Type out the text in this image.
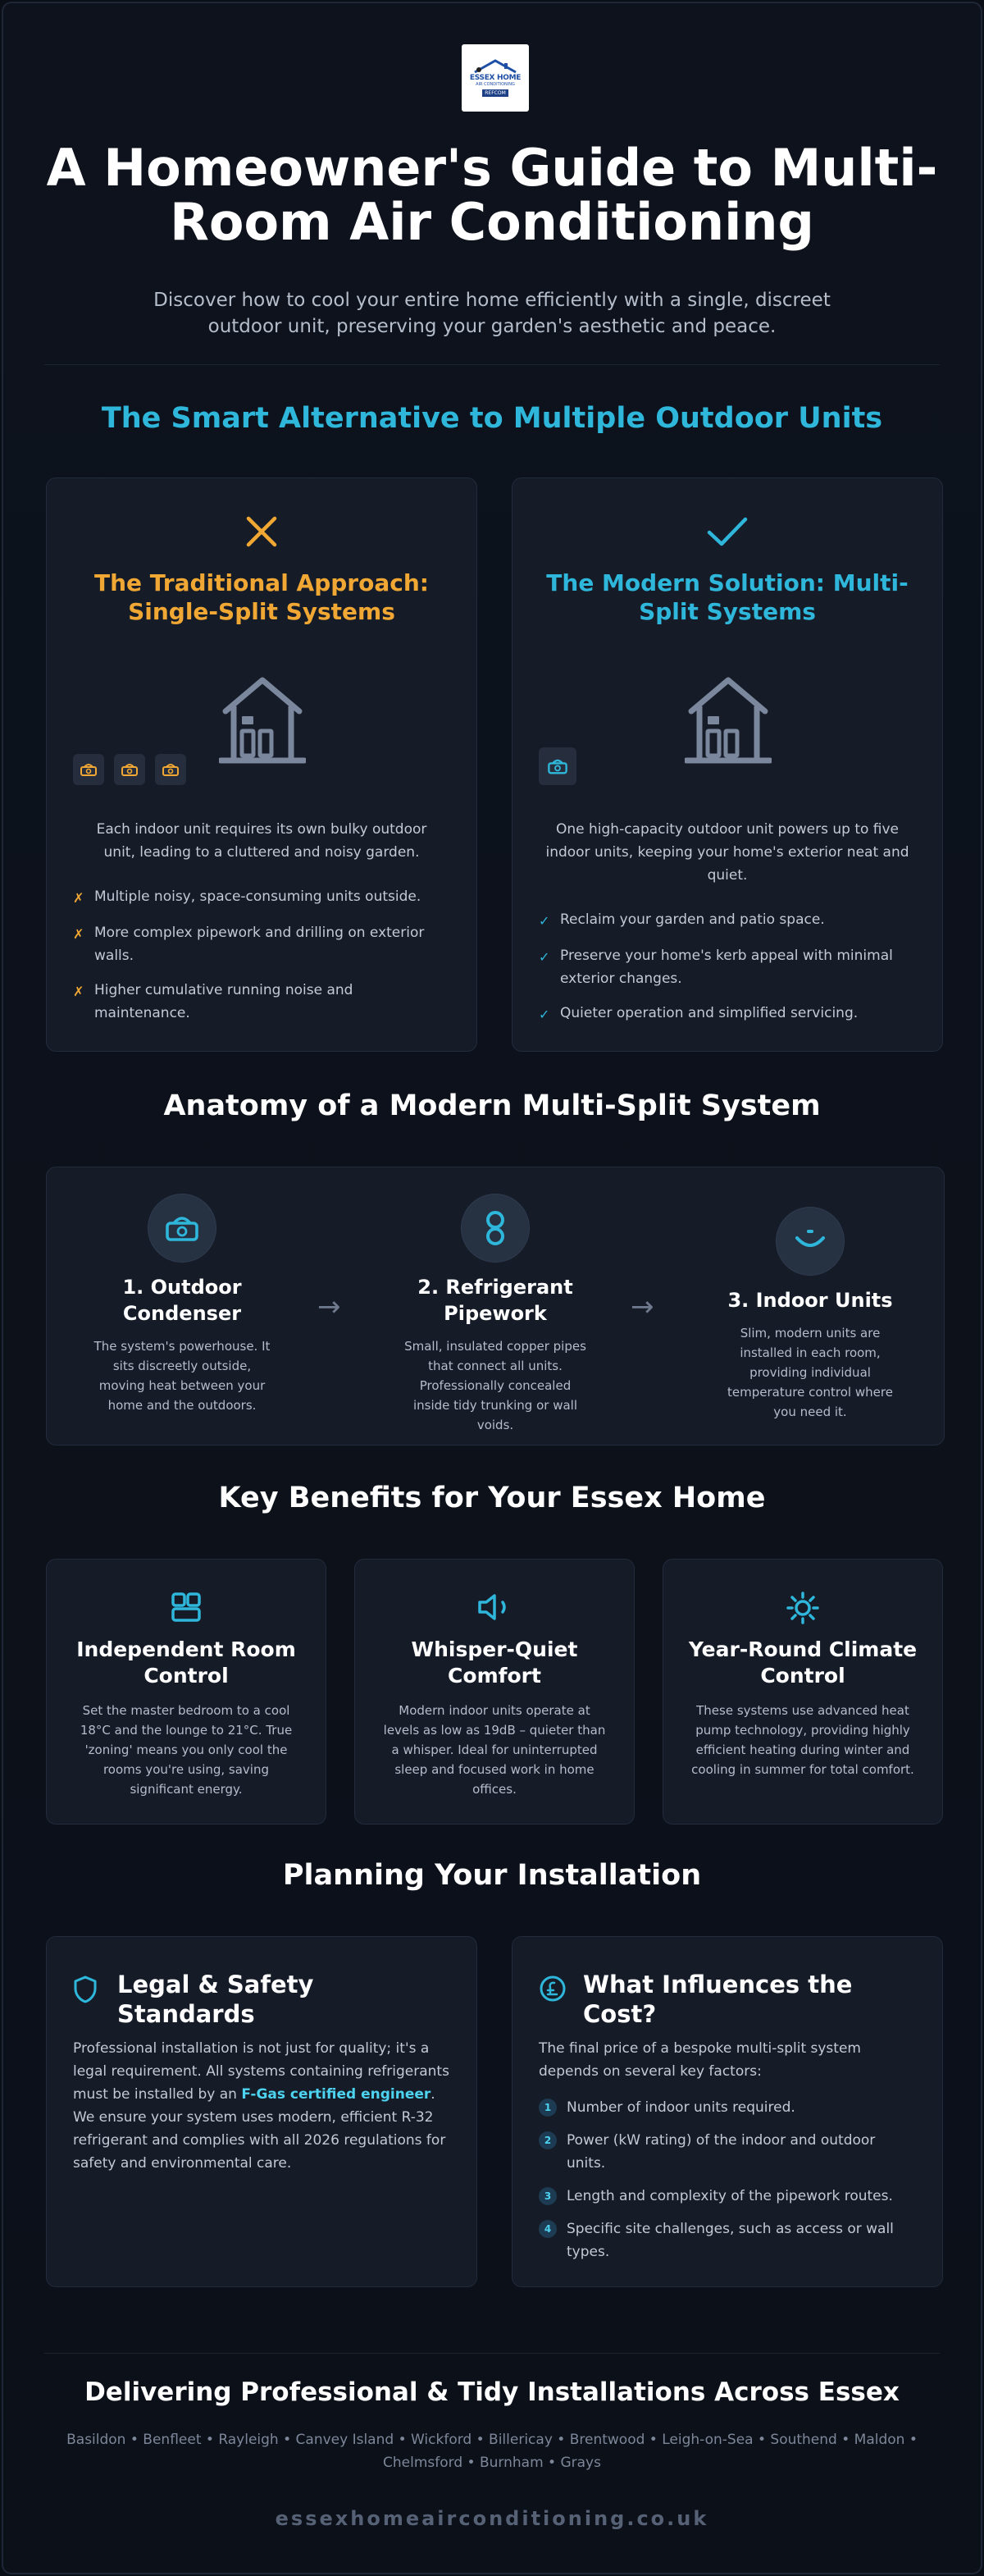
ESSEX HOME
AIR CONDITIONING
REFCOM
A Homeowner's Guide to Multi-Room Air Conditioning

Discover how to cool your entire home efficiently with a single, discreet outdoor unit, preserving your garden's aesthetic and peace.

The Smart Alternative to Multiple Outdoor Units
The Traditional Approach: Single-Split Systems

Each indoor unit requires its own bulky outdoor unit, leading to a cluttered and noisy garden.

✗ Multiple noisy, space-consuming units outside.
✗ More complex pipework and drilling on exterior walls.
✗ Higher cumulative running noise and maintenance.
The Modern Solution: Multi-Split Systems

One high-capacity outdoor unit powers up to five indoor units, keeping your home's exterior neat and quiet.

✓ Reclaim your garden and patio space.
✓ Preserve your home's kerb appeal with minimal exterior changes.
✓ Quieter operation and simplified servicing.
Anatomy of a Modern Multi-Split System
1. Outdoor Condenser
The system's powerhouse. It sits discreetly outside, moving heat between your home and the outdoors.
→
2. Refrigerant Pipework
Small, insulated copper pipes that connect all units. Professionally concealed inside tidy trunking or wall voids.
→	3. Indoor Units
Slim, modern units are installed in each room, providing individual temperature control where you need it.
Key Benefits for Your Essex Home
Independent Room Control
Set the master bedroom to a cool 18°C and the lounge to 21°C. True 'zoning' means you only cool the rooms you're using, saving significant energy.
Whisper-Quiet Comfort
Modern indoor units operate at levels as low as 19dB – quieter than a whisper. Ideal for uninterrupted sleep and focused work in home offices.
Year-Round Climate Control
These systems use advanced heat pump technology, providing highly efficient heating during winter and cooling in summer for total comfort.
Planning Your Installation
Legal & Safety Standards

Professional installation is not just for quality; it's a legal requirement. All systems containing refrigerants must be installed by an F-Gas certified engineer. We ensure your system uses modern, efficient R-32 refrigerant and complies with all 2026 regulations for safety and environmental care.

What Influences the Cost?

The final price of a bespoke multi-split system depends on several key factors:

1	Number of indoor units required.
2	Power (kW rating) of the indoor and outdoor units.
3	Length and complexity of the pipework routes.
4	Specific site challenges, such as access or wall types.
Delivering Professional & Tidy Installations Across Essex

Basildon • Benfleet • Rayleigh • Canvey Island • Wickford • Billericay • Brentwood • Leigh-on-Sea • Southend • Maldon • Chelmsford • Burnham • Grays

essexhomeairconditioning.co.uk
